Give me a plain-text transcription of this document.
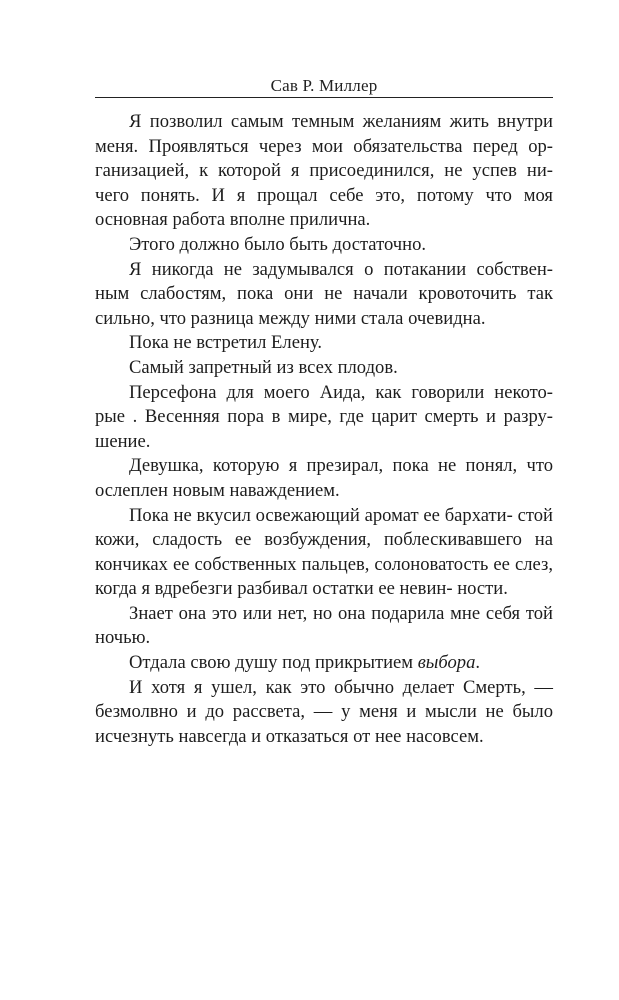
Сав Р. Миллер

Я позволил самым темным желаниям жить внутри меня. Проявляться через мои обязательства перед ор- ганизацией, к которой я присоединился, не успев ни- чего понять. И я прощал себе это, потому что моя основная работа вполне прилична.

Этого должно было быть достаточно.

Я никогда не задумывался о потакании собствен- ным слабостям, пока они не начали кровоточить так сильно, что разница между ними стала очевидна.

Пока не встретил Елену.

Самый запретный из всех плодов.

Персефона для моего Аида, как говорили некото- рые . Весенняя пора в мире, где царит смерть и разру- шение.

Девушка, которую я презирал, пока не понял, что ослеплен новым наваждением.

Пока не вкусил освежающий аромат ее бархати- стой кожи, сладость ее возбуждения, поблескивавшего на кончиках ее собственных пальцев, солоноватость ее слез, когда я вдребезги разбивал остатки ее невин- ности.

Знает она это или нет, но она подарила мне себя той ночью.

Отдала свою душу под прикрытием выбора.

И хотя я ушел, как это обычно делает Смерть, — безмолвно и до рассвета, — у меня и мысли не было исчезнуть навсегда и отказаться от нее насовсем.
